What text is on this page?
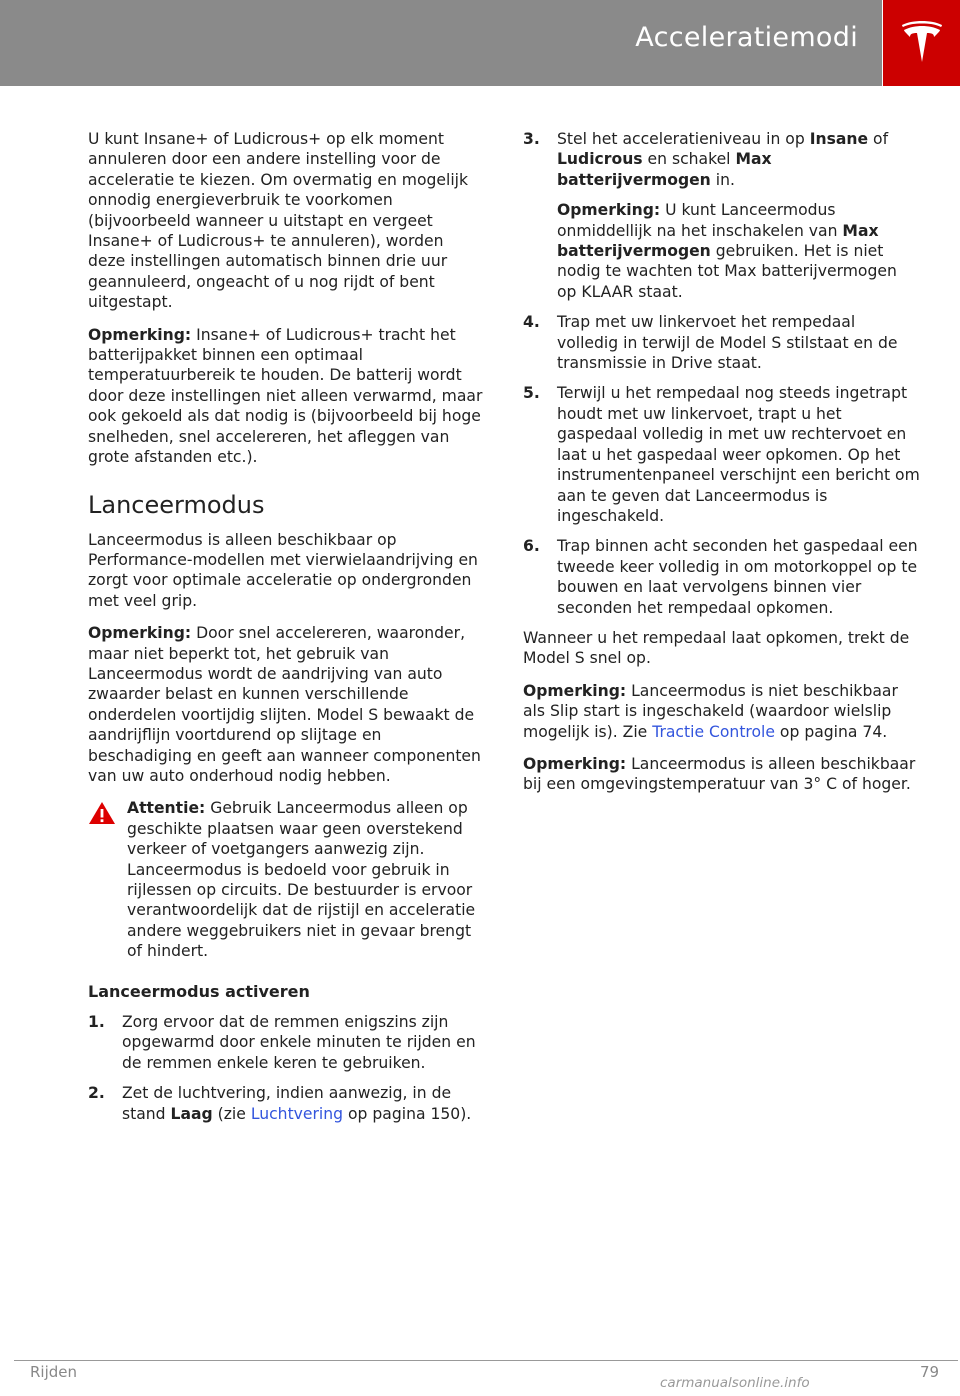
Acceleratiemodi

U kunt Insane+ of Ludicrous+ op elk moment annuleren door een andere instelling voor de acceleratie te kiezen. Om overmatig en mogelijk onnodig energieverbruik te voorkomen (bijvoorbeeld wanneer u uitstapt en vergeet Insane+ of Ludicrous+ te annuleren), worden deze instellingen automatisch binnen drie uur geannuleerd, ongeacht of u nog rijdt of bent uitgestapt.

Opmerking: Insane+ of Ludicrous+ tracht het batterijpakket binnen een optimaal temperatuurbereik te houden. De batterij wordt door deze instellingen niet alleen verwarmd, maar ook gekoeld als dat nodig is (bijvoorbeeld bij hoge snelheden, snel accelereren, het afleggen van grote afstanden etc.).

Lanceermodus

Lanceermodus is alleen beschikbaar op Performance-modellen met vierwielaandrijving en zorgt voor optimale acceleratie op ondergronden met veel grip.

Opmerking: Door snel accelereren, waaronder, maar niet beperkt tot, het gebruik van Lanceermodus wordt de aandrijving van auto zwaarder belast en kunnen verschillende onderdelen voortijdig slijten. Model S bewaakt de aandrijflijn voortdurend op slijtage en beschadiging en geeft aan wanneer componenten van uw auto onderhoud nodig hebben.

Attentie: Gebruik Lanceermodus alleen op geschikte plaatsen waar geen overstekend verkeer of voetgangers aanwezig zijn. Lanceermodus is bedoeld voor gebruik in rijlessen op circuits. De bestuurder is ervoor verantwoordelijk dat de rijstijl en acceleratie andere weggebruikers niet in gevaar brengt of hindert.
Lanceermodus activeren
1. Zorg ervoor dat de remmen enigszins zijn opgewarmd door enkele minuten te rijden en de remmen enkele keren te gebruiken.
2. Zet de luchtvering, indien aanwezig, in de stand Laag (zie Luchtvering op pagina 150).
3. Stel het acceleratieniveau in op Insane of Ludicrous en schakel Max batterijvermogen in.
Opmerking: U kunt Lanceermodus onmiddellijk na het inschakelen van Max batterijvermogen gebruiken. Het is niet nodig te wachten tot Max batterijvermogen op KLAAR staat.
4. Trap met uw linkervoet het rempedaal volledig in terwijl de Model S stilstaat en de transmissie in Drive staat.
5. Terwijl u het rempedaal nog steeds ingetrapt houdt met uw linkervoet, trapt u het gaspedaal volledig in met uw rechtervoet en laat u het gaspedaal weer opkomen. Op het instrumentenpaneel verschijnt een bericht om aan te geven dat Lanceermodus is ingeschakeld.
6. Trap binnen acht seconden het gaspedaal een tweede keer volledig in om motorkoppel op te bouwen en laat vervolgens binnen vier seconden het rempedaal opkomen.

Wanneer u het rempedaal laat opkomen, trekt de Model S snel op.

Opmerking: Lanceermodus is niet beschikbaar als Slip start is ingeschakeld (waardoor wielslip mogelijk is). Zie Tractie Controle op pagina 74.

Opmerking: Lanceermodus is alleen beschikbaar bij een omgevingstemperatuur van 3° C of hoger.

Rijden	79
carmanualsonline.info
